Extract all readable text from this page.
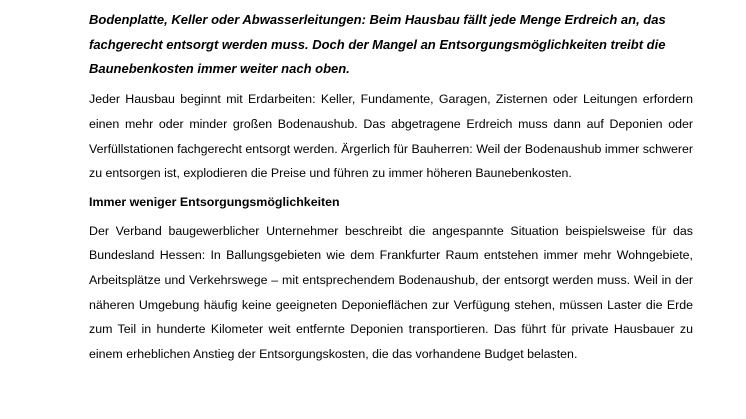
Bodenplatte, Keller oder Abwasserleitungen: Beim Hausbau fällt jede Menge Erdreich an, das fachgerecht entsorgt werden muss. Doch der Mangel an Entsorgungsmöglichkeiten treibt die Baunebenkosten immer weiter nach oben.

Jeder Hausbau beginnt mit Erdarbeiten: Keller, Fundamente, Garagen, Zisternen oder Leitungen erfordern einen mehr oder minder großen Bodenaushub. Das abgetragene Erdreich muss dann auf Deponien oder Verfüllstationen fachgerecht entsorgt werden. Ärgerlich für Bauherren: Weil der Bodenaushub immer schwerer zu entsorgen ist, explodieren die Preise und führen zu immer höheren Baunebenkosten.

Immer weniger Entsorgungsmöglichkeiten

Der Verband baugewerblicher Unternehmer beschreibt die angespannte Situation beispielsweise für das Bundesland Hessen: In Ballungsgebieten wie dem Frankfurter Raum entstehen immer mehr Wohngebiete, Arbeitsplätze und Verkehrswege – mit entsprechendem Bodenaushub, der entsorgt werden muss. Weil in der näheren Umgebung häufig keine geeigneten Deponieflächen zur Verfügung stehen, müssen Laster die Erde zum Teil in hunderte Kilometer weit entfernte Deponien transportieren. Das führt für private Hausbauer zu einem erheblichen Anstieg der Entsorgungskosten, die das vorhandene Budget belasten.
